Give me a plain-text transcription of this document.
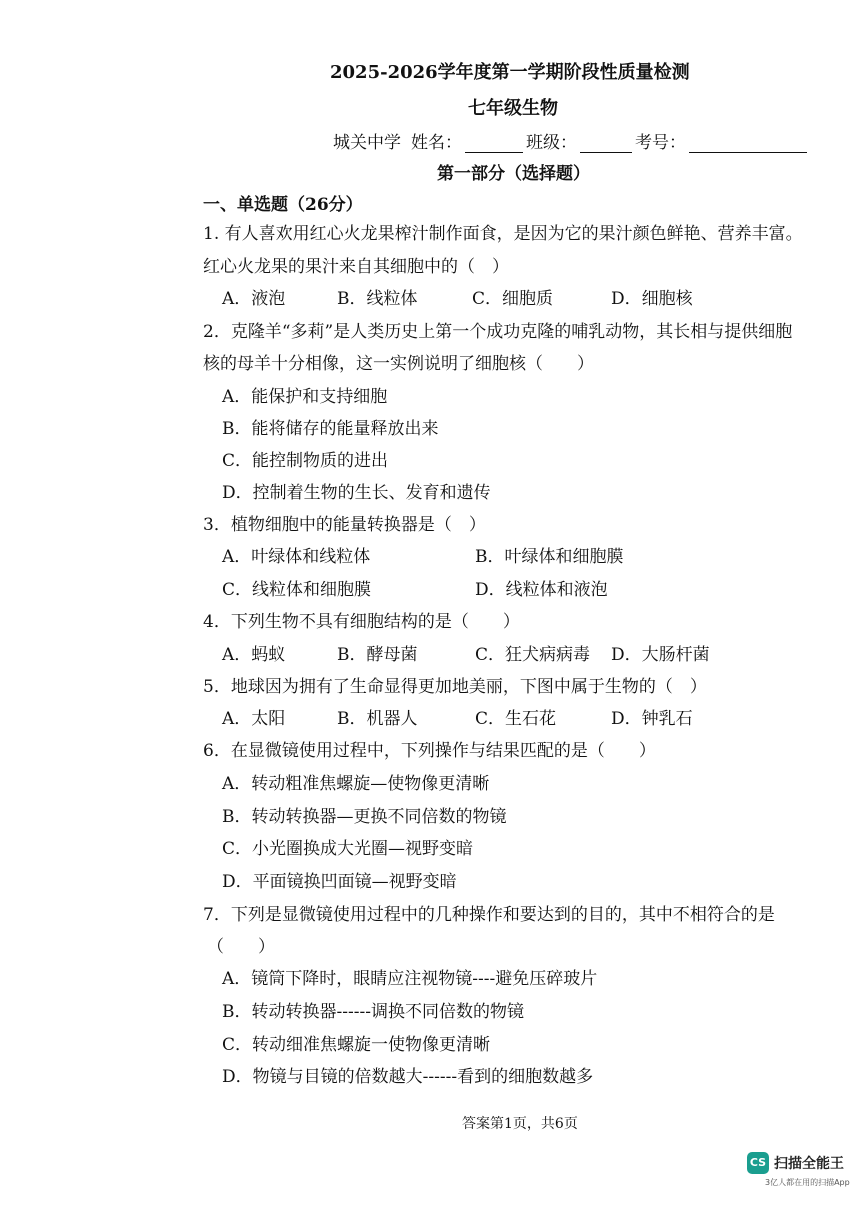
2025-2026学年度第一学期阶段性质量检测
七年级生物
城关中学 姓名：	班级：	考号：
第一部分（选择题）
一、单选题（26分）
1. 有人喜欢用红心火龙果榨汁制作面食，是因为它的果汁颜色鲜艳、营养丰富。
红心火龙果的果汁来自其细胞中的（　）
A．液泡	B．线粒体	C．细胞质	D．细胞核
2．克隆羊“多莉”是人类历史上第一个成功克隆的哺乳动物，其长相与提供细胞
核的母羊十分相像，这一实例说明了细胞核（　　）
A．能保护和支持细胞
B．能将储存的能量释放出来
C．能控制物质的进出
D．控制着生物的生长、发育和遗传
3．植物细胞中的能量转换器是（　）
A．叶绿体和线粒体	B．叶绿体和细胞膜
C．线粒体和细胞膜	D．线粒体和液泡
4．下列生物不具有细胞结构的是（　　）
A．蚂蚁	B．酵母菌	C．狂犬病病毒 D．大肠杆菌
5．地球因为拥有了生命显得更加地美丽，下图中属于生物的（　）
A．太阳	B．机器人	C．生石花	D．钟乳石
6．在显微镜使用过程中，下列操作与结果匹配的是（　　）
A．转动粗准焦螺旋—使物像更清晰
B．转动转换器—更换不同倍数的物镜
C．小光圈换成大光圈—视野变暗
D．平面镜换凹面镜—视野变暗
7．下列是显微镜使用过程中的几种操作和要达到的目的，其中不相符合的是
（　　）
A．镜筒下降时，眼睛应注视物镜----避免压碎玻片
B．转动转换器------调换不同倍数的物镜
C．转动细准焦螺旋一使物像更清晰
D．物镜与目镜的倍数越大------看到的细胞数越多
答案第1页，共6页
CS 扫描全能王
3亿人都在用的扫描App
